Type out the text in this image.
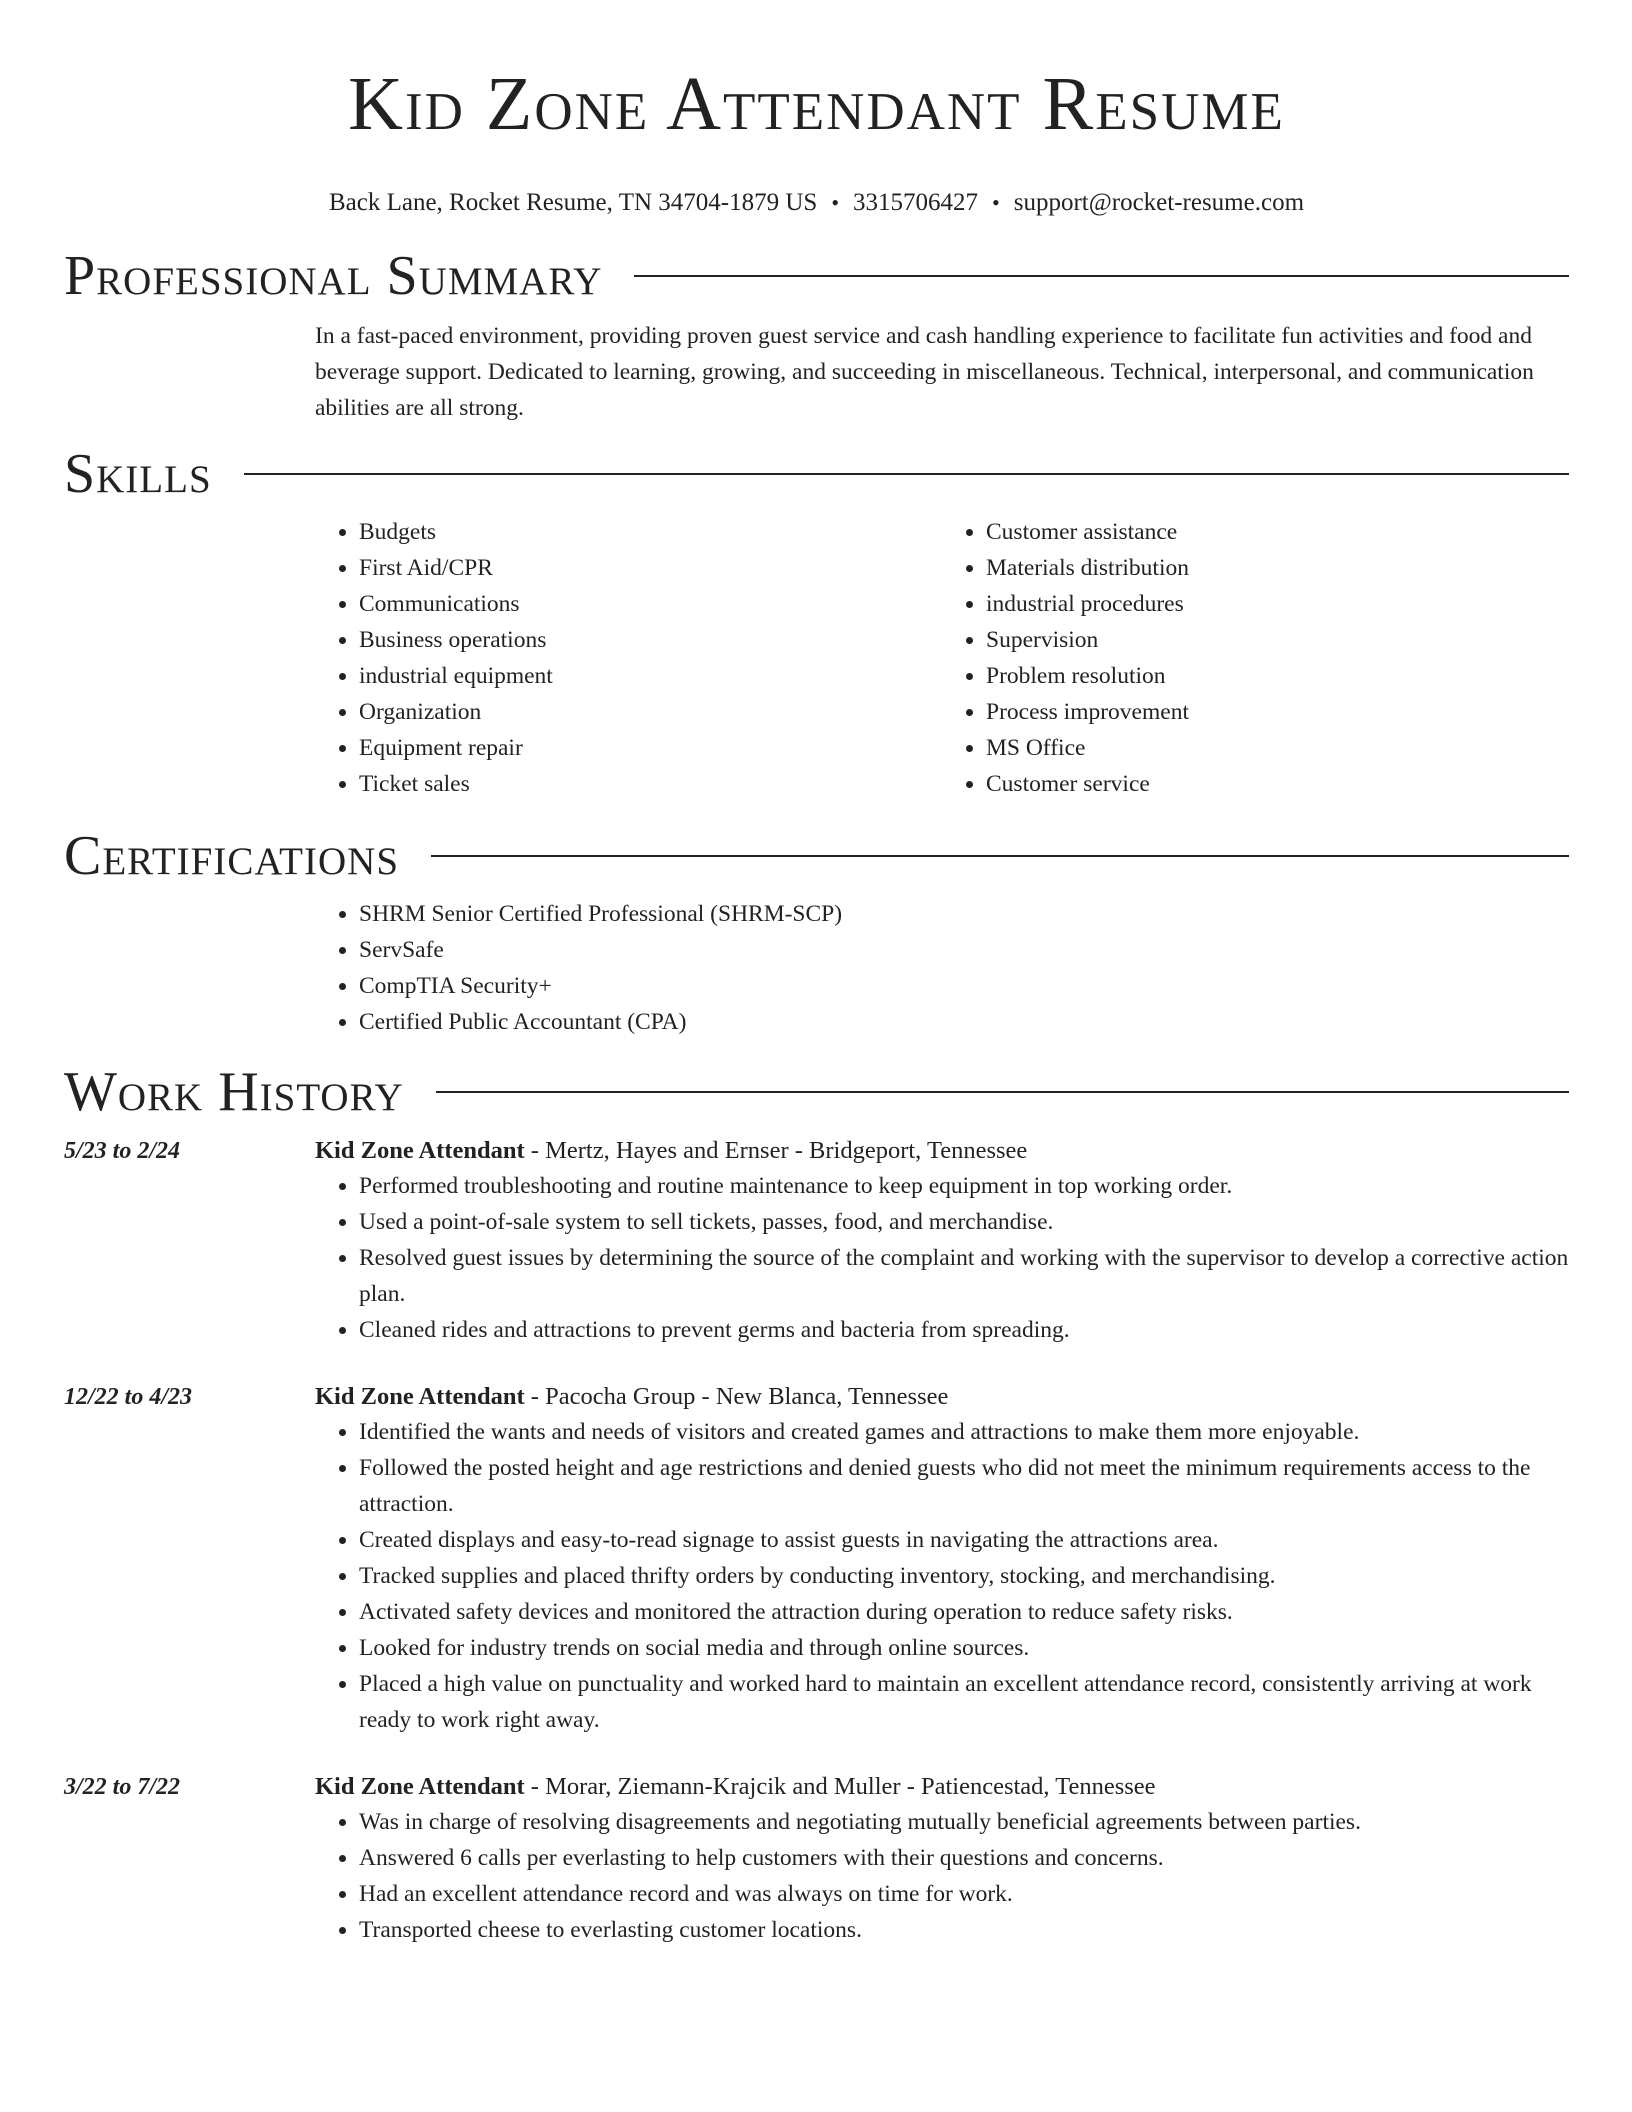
Kid Zone Attendant Resume
Back Lane, Rocket Resume, TN 34704-1879 US • 3315706427 • support@rocket-resume.com
Professional Summary

In a fast-paced environment, providing proven guest service and cash handling experience to facilitate fun activities and food and beverage support. Dedicated to learning, growing, and succeeding in miscellaneous. Technical, interpersonal, and communication abilities are all strong.

Skills
• Budgets
• First Aid/CPR
• Communications
• Business operations
• industrial equipment
• Organization
• Equipment repair
• Ticket sales
• Customer assistance
• Materials distribution
• industrial procedures
• Supervision
• Problem resolution
• Process improvement
• MS Office
• Customer service
Certifications
• SHRM Senior Certified Professional (SHRM-SCP)
• ServSafe
• CompTIA Security+
• Certified Public Accountant (CPA)
Work History
5/23 to 2/24	Kid Zone Attendant - Mertz, Hayes and Ernser - Bridgeport, Tennessee
• Performed troubleshooting and routine maintenance to keep equipment in top working order.
• Used a point-of-sale system to sell tickets, passes, food, and merchandise.
• Resolved guest issues by determining the source of the complaint and working with the supervisor to develop a corrective action plan.
• Cleaned rides and attractions to prevent germs and bacteria from spreading.
12/22 to 4/23	Kid Zone Attendant - Pacocha Group - New Blanca, Tennessee
• Identified the wants and needs of visitors and created games and attractions to make them more enjoyable.
• Followed the posted height and age restrictions and denied guests who did not meet the minimum requirements access to the attraction.
• Created displays and easy-to-read signage to assist guests in navigating the attractions area.
• Tracked supplies and placed thrifty orders by conducting inventory, stocking, and merchandising.
• Activated safety devices and monitored the attraction during operation to reduce safety risks.
• Looked for industry trends on social media and through online sources.
• Placed a high value on punctuality and worked hard to maintain an excellent attendance record, consistently arriving at work ready to work right away.
3/22 to 7/22	Kid Zone Attendant - Morar, Ziemann-Krajcik and Muller - Patiencestad, Tennessee
• Was in charge of resolving disagreements and negotiating mutually beneficial agreements between parties.
• Answered 6 calls per everlasting to help customers with their questions and concerns.
• Had an excellent attendance record and was always on time for work.
• Transported cheese to everlasting customer locations.
